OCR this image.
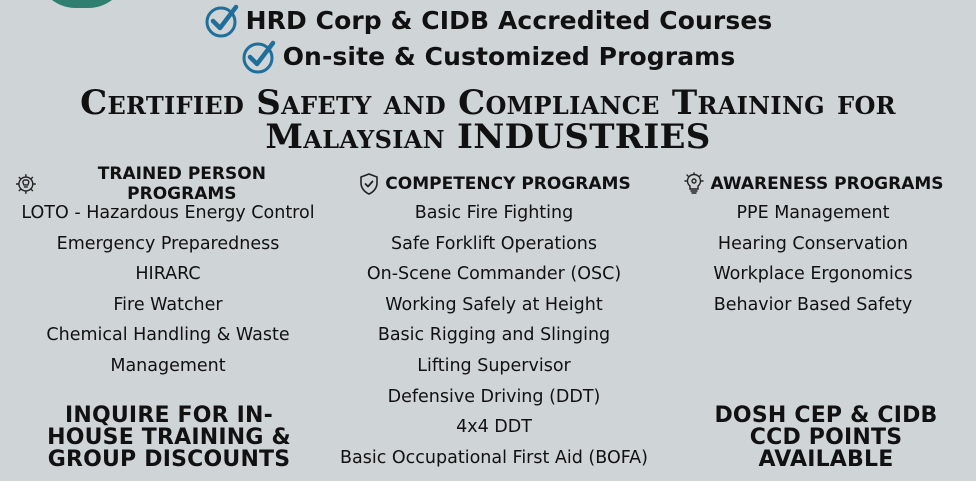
HRD Corp & CIDB Accredited Courses
On-site & Customized Programs
Certified Safety and Compliance Training for
Malaysian INDUSTRIES
TRAINED PERSON PROGRAMS
LOTO - Hazardous Energy Control
Emergency Preparedness
HIRARC
Fire Watcher
Chemical Handling & Waste Management
COMPETENCY PROGRAMS
Basic Fire Fighting
Safe Forklift Operations
On-Scene Commander (OSC)
Working Safely at Height
Basic Rigging and Slinging
Lifting Supervisor
Defensive Driving (DDT)
4x4 DDT
Basic Occupational First Aid (BOFA)
AWARENESS PROGRAMS
PPE Management
Hearing Conservation
Workplace Ergonomics
Behavior Based Safety
INQUIRE FOR IN-HOUSE TRAINING & GROUP DISCOUNTS
DOSH CEP & CIDB CCD POINTS AVAILABLE
